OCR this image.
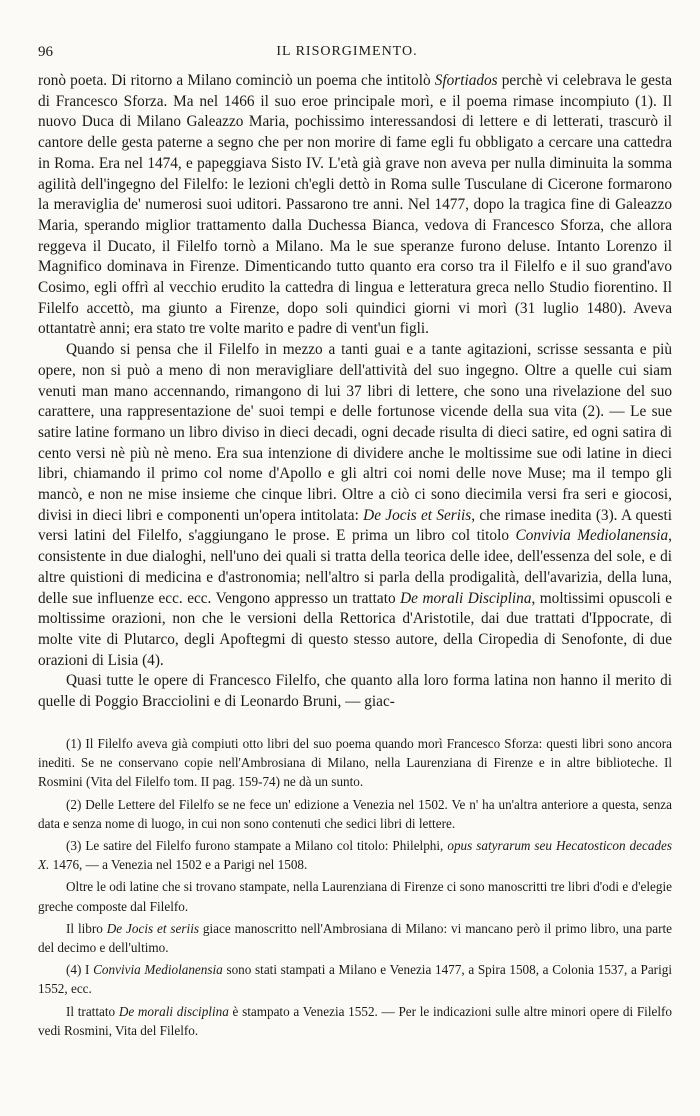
96	IL RISORGIMENTO.

ronò poeta. Di ritorno a Milano cominciò un poema che intitolò Sfortiados perchè vi celebrava le gesta di Francesco Sforza. Ma nel 1466 il suo eroe principale morì, e il poema rimase incompiuto (1). Il nuovo Duca di Milano Galeazzo Maria, pochissimo interessandosi di lettere e di letterati, trascurò il cantore delle gesta paterne a segno che per non morire di fame egli fu obbligato a cercare una cattedra in Roma. Era nel 1474, e papeggiava Sisto IV. L'età già grave non aveva per nulla diminuita la somma agilità dell'ingegno del Filelfo: le lezioni ch'egli dettò in Roma sulle Tusculane di Cicerone formarono la meraviglia de' numerosi suoi uditori. Passarono tre anni. Nel 1477, dopo la tragica fine di Galeazzo Maria, sperando miglior trattamento dalla Duchessa Bianca, vedova di Francesco Sforza, che allora reggeva il Ducato, il Filelfo tornò a Milano. Ma le sue speranze furono deluse. Intanto Lorenzo il Magnifico dominava in Firenze. Dimenticando tutto quanto era corso tra il Filelfo e il suo grand'avo Cosimo, egli offrì al vecchio erudito la cattedra di lingua e letteratura greca nello Studio fiorentino. Il Filelfo accettò, ma giunto a Firenze, dopo soli quindici giorni vi morì (31 luglio 1480). Aveva ottantatrè anni; era stato tre volte marito e padre di vent'un figli.

Quando si pensa che il Filelfo in mezzo a tanti guai e a tante agitazioni, scrisse sessanta e più opere, non si può a meno di non meravigliare dell'attività del suo ingegno. Oltre a quelle cui siam venuti man mano accennando, rimangono di lui 37 libri di lettere, che sono una rivelazione del suo carattere, una rappresentazione de' suoi tempi e delle fortunose vicende della sua vita (2). — Le sue satire latine formano un libro diviso in dieci decadi, ogni decade risulta di dieci satire, ed ogni satira di cento versi nè più nè meno. Era sua intenzione di dividere anche le moltissime sue odi latine in dieci libri, chiamando il primo col nome d'Apollo e gli altri coi nomi delle nove Muse; ma il tempo gli mancò, e non ne mise insieme che cinque libri. Oltre a ciò ci sono diecimila versi fra seri e giocosi, divisi in dieci libri e componenti un'opera intitolata: De Jocis et Seriis, che rimase inedita (3). A questi versi latini del Filelfo, s'aggiungano le prose. E prima un libro col titolo Convivia Mediolanensia, consistente in due dialoghi, nell'uno dei quali si tratta della teorica delle idee, dell'essenza del sole, e di altre quistioni di medicina e d'astronomia; nell'altro si parla della prodigalità, dell'avarizia, della luna, delle sue influenze ecc. ecc. Vengono appresso un trattato De morali Disciplina, moltissimi opuscoli e moltissime orazioni, non che le versioni della Rettorica d'Aristotile, dai due trattati d'Ippocrate, di molte vite di Plutarco, degli Apoftegmi di questo stesso autore, della Ciropedia di Senofonte, di due orazioni di Lisia (4).

Quasi tutte le opere di Francesco Filelfo, che quanto alla loro forma latina non hanno il merito di quelle di Poggio Bracciolini e di Leonardo Bruni, — giac-

(1) Il Filelfo aveva già compiuti otto libri del suo poema quando morì Francesco Sforza: questi libri sono ancora inediti. Se ne conservano copie nell'Ambrosiana di Milano, nella Laurenziana di Firenze e in altre biblioteche. Il Rosmini (Vita del Filelfo tom. II pag. 159-74) ne dà un sunto.

(2) Delle Lettere del Filelfo se ne fece un' edizione a Venezia nel 1502. Ve n' ha un'altra anteriore a questa, senza data e senza nome di luogo, in cui non sono contenuti che sedici libri di lettere.

(3) Le satire del Filelfo furono stampate a Milano col titolo: Philelphi, opus satyrarum seu Hecatosticon decades X. 1476, — a Venezia nel 1502 e a Parigi nel 1508.

Oltre le odi latine che si trovano stampate, nella Laurenziana di Firenze ci sono manoscritti tre libri d'odi e d'elegie greche composte dal Filelfo.

Il libro De Jocis et seriis giace manoscritto nell'Ambrosiana di Milano: vi mancano però il primo libro, una parte del decimo e dell'ultimo.

(4) I Convivia Mediolanensia sono stati stampati a Milano e Venezia 1477, a Spira 1508, a Colonia 1537, a Parigi 1552, ecc.

Il trattato De morali disciplina è stampato a Venezia 1552. — Per le indicazioni sulle altre minori opere di Filelfo vedi Rosmini, Vita del Filelfo.
